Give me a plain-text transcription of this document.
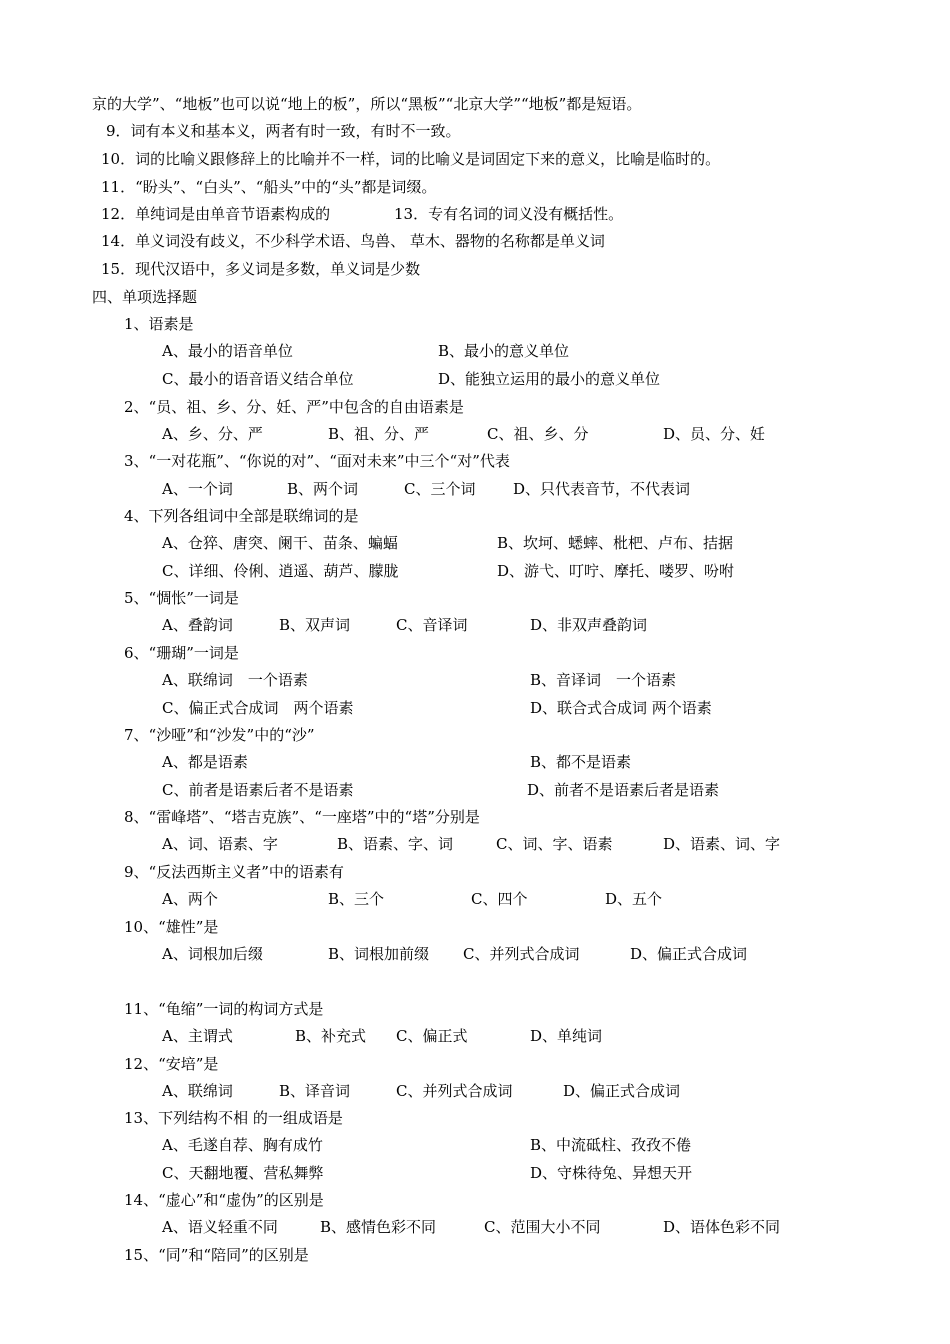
京的大学”、“地板”也可以说“地上的板”，所以“黑板”“北京大学”“地板”都是短语。
9．词有本义和基本义，两者有时一致，有时不一致。
10．词的比喻义跟修辞上的比喻并不一样，词的比喻义是词固定下来的意义，比喻是临时的。
11．“盼头”、“白头”、“船头”中的“头”都是词缀。
12．单纯词是由单音节语素构成的	13．专有名词的词义没有概括性。
14．单义词没有歧义，不少科学术语、鸟兽、 草木、器物的名称都是单义词
15．现代汉语中，多义词是多数，单义词是少数
四、单项选择题
1、语素是
A、最小的语音单位	B、最小的意义单位
C、最小的语音语义结合单位	D、能独立运用的最小的意义单位
2、“员、祖、乡、分、妊、严”中包含的自由语素是
A、乡、分、严	B、祖、分、严	C、祖、乡、分	D、员、分、妊
3、“一对花瓶”、“你说的对”、“面对未来”中三个“对”代表
A、一个词	B、两个词	C、三个词	D、只代表音节，不代表词
4、下列各组词中全部是联绵词的是
A、仓猝、唐突、阑干、苗条、蝙蝠	B、坎坷、蟋蟀、枇杷、卢布、拮据
C、详细、伶俐、逍遥、葫芦、朦胧	D、游弋、叮咛、摩托、喽罗、吩咐
5、“惆怅”一词是
A、叠韵词	B、双声词	C、音译词	D、非双声叠韵词
6、“珊瑚”一词是
A、联绵词　一个语素	B、音译词　一个语素
C、偏正式合成词　两个语素	D、联合式合成词 两个语素
7、“沙哑”和“沙发”中的“沙”
A、都是语素	B、都不是语素
C、前者是语素后者不是语素	D、前者不是语素后者是语素
8、“雷峰塔”、“塔吉克族”、“一座塔”中的“塔”分别是
A、词、语素、字	B、语素、字、词	C、词、字、语素	D、语素、词、字
9、“反法西斯主义者”中的语素有
A、两个	B、三个	C、四个	D、五个
10、“雄性”是
A、词根加后缀	B、词根加前缀 C、并列式合成词	D、偏正式合成词
11、“龟缩”一词的构词方式是
A、主谓式	B、补充式 C、偏正式	D、单纯词
12、“安培”是
A、联绵词	B、译音词	C、并列式合成词	D、偏正式合成词
13、下列结构不相 的一组成语是
A、毛遂自荐、胸有成竹	B、中流砥柱、孜孜不倦
C、天翻地覆、营私舞弊	D、守株待兔、异想天开
14、“虚心”和“虚伪”的区别是
A、语义轻重不同	B、感情色彩不同	C、范围大小不同	D、语体色彩不同
15、“同”和“陪同”的区别是
